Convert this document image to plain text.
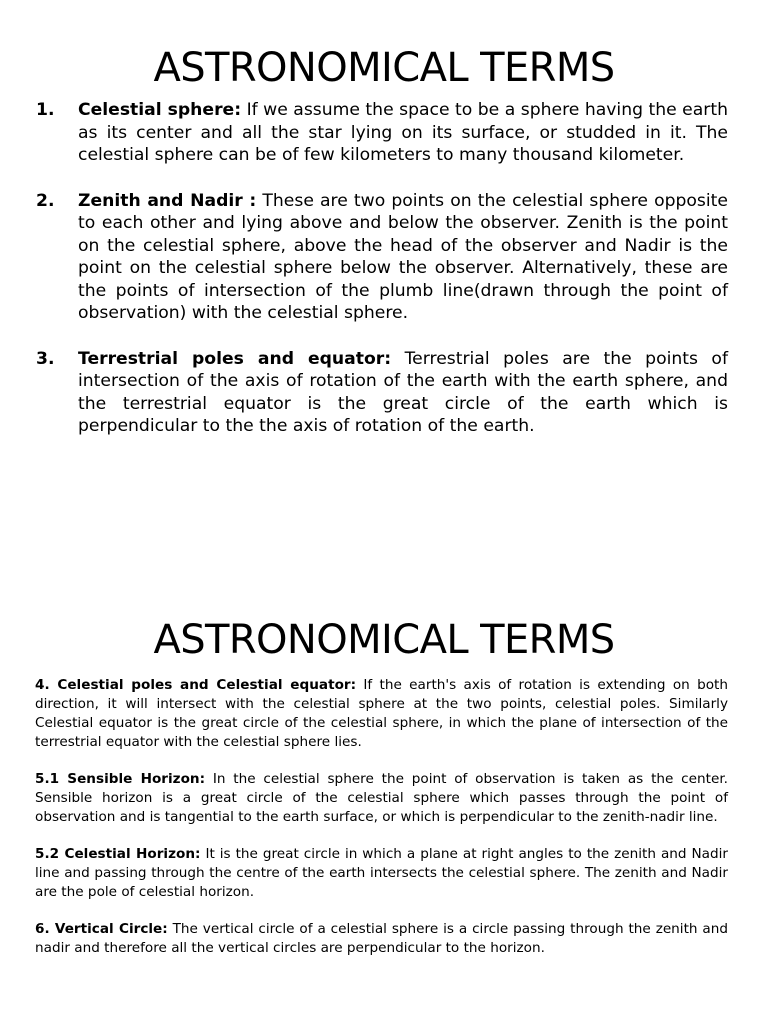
ASTRONOMICAL TERMS
1. Celestial sphere: If we assume the space to be a sphere having the earth as its center and all the star lying on its surface, or studded in it. The celestial sphere can be of few kilometers to many thousand kilometer.
2. Zenith and Nadir : These are two points on the celestial sphere opposite to each other and lying above and below the observer. Zenith is the point on the celestial sphere, above the head of the observer and Nadir is the point on the celestial sphere below the observer. Alternatively, these are the points of intersection of the plumb line(drawn through the point of observation) with the celestial sphere.
3. Terrestrial poles and equator: Terrestrial poles are the points of intersection of the axis of rotation of the earth with the earth sphere, and the terrestrial equator is the great circle of the earth which is perpendicular to the the axis of rotation of the earth.
ASTRONOMICAL TERMS

4. Celestial poles and Celestial equator: If the earth's axis of rotation is extending on both direction, it will intersect with the celestial sphere at the two points, celestial poles. Similarly Celestial equator is the great circle of the celestial sphere, in which the plane of intersection of the terrestrial equator with the celestial sphere lies.

5.1 Sensible Horizon: In the celestial sphere the point of observation is taken as the center. Sensible horizon is a great circle of the celestial sphere which passes through the point of observation and is tangential to the earth surface, or which is perpendicular to the zenith-nadir line.

5.2 Celestial Horizon: It is the great circle in which a plane at right angles to the zenith and Nadir line and passing through the centre of the earth intersects the celestial sphere. The zenith and Nadir are the pole of celestial horizon.

6. Vertical Circle: The vertical circle of a celestial sphere is a circle passing through the zenith and nadir and therefore all the vertical circles are perpendicular to the horizon.
